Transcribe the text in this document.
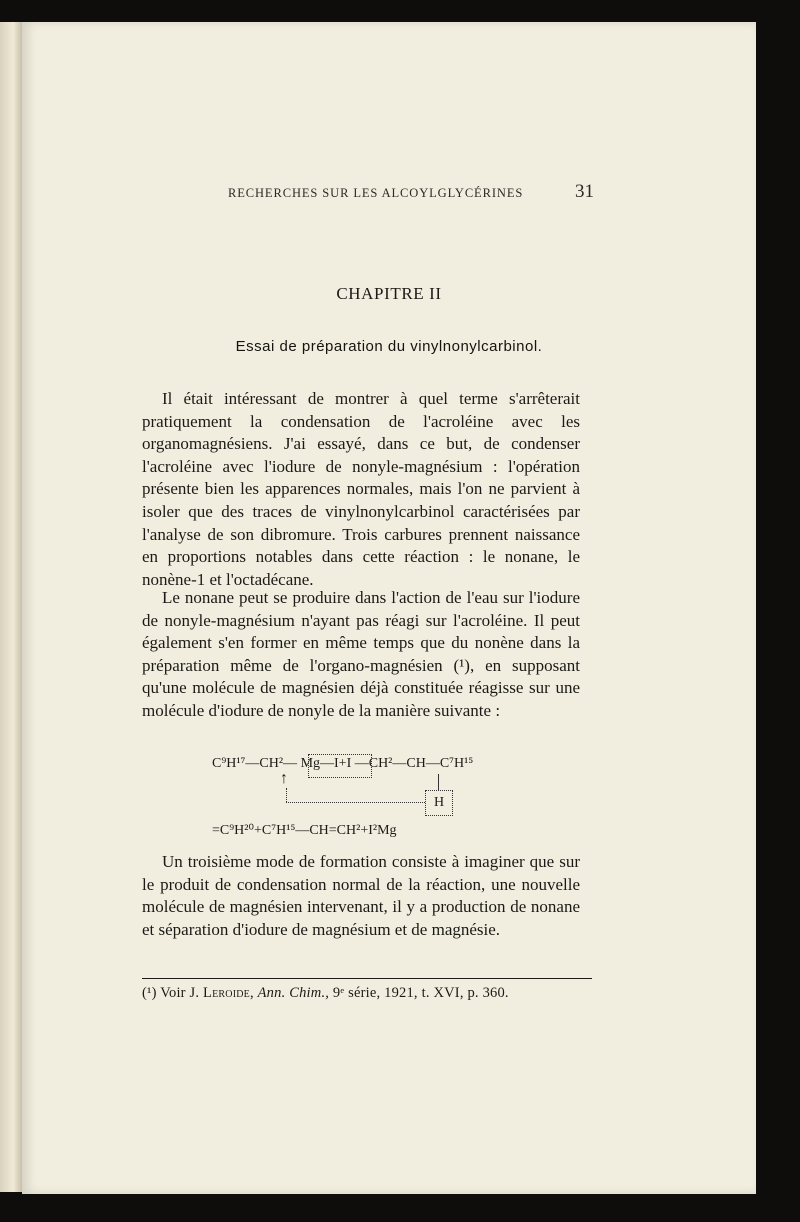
RECHERCHES SUR LES ALCOYLGLYCÉRINES	31
CHAPITRE II
Essai de préparation du vinylnonylcarbinol.
Il était intéressant de montrer à quel terme s'arrêterait pratiquement la condensation de l'acroléine avec les organomagnésiens. J'ai essayé, dans ce but, de condenser l'acroléine avec l'iodure de nonyle-magnésium : l'opération présente bien les apparences normales, mais l'on ne parvient à isoler que des traces de vinylnonylcarbinol caractérisées par l'analyse de son dibromure. Trois carbures prennent naissance en proportions notables dans cette réaction : le nonane, le nonène-1 et l'octadécane.
Le nonane peut se produire dans l'action de l'eau sur l'iodure de nonyle-magnésium n'ayant pas réagi sur l'acroléine. Il peut également s'en former en même temps que du nonène dans la préparation même de l'organo-magnésien (¹), en supposant qu'une molécule de magnésien déjà constituée réagisse sur une molécule d'iodure de nonyle de la manière suivante :
C⁹H¹⁷—CH²— Mg—I+I —CH²—CH—C⁷H¹⁵
↑
H
=C⁹H²⁰+C⁷H¹⁵—CH=CH²+I²Mg
Un troisième mode de formation consiste à imaginer que sur le produit de condensation normal de la réaction, une nouvelle molécule de magnésien intervenant, il y a production de nonane et séparation d'iodure de magnésium et de magnésie.
(¹) Voir J. Leroide, Ann. Chim., 9ᵉ série, 1921, t. XVI, p. 360.
